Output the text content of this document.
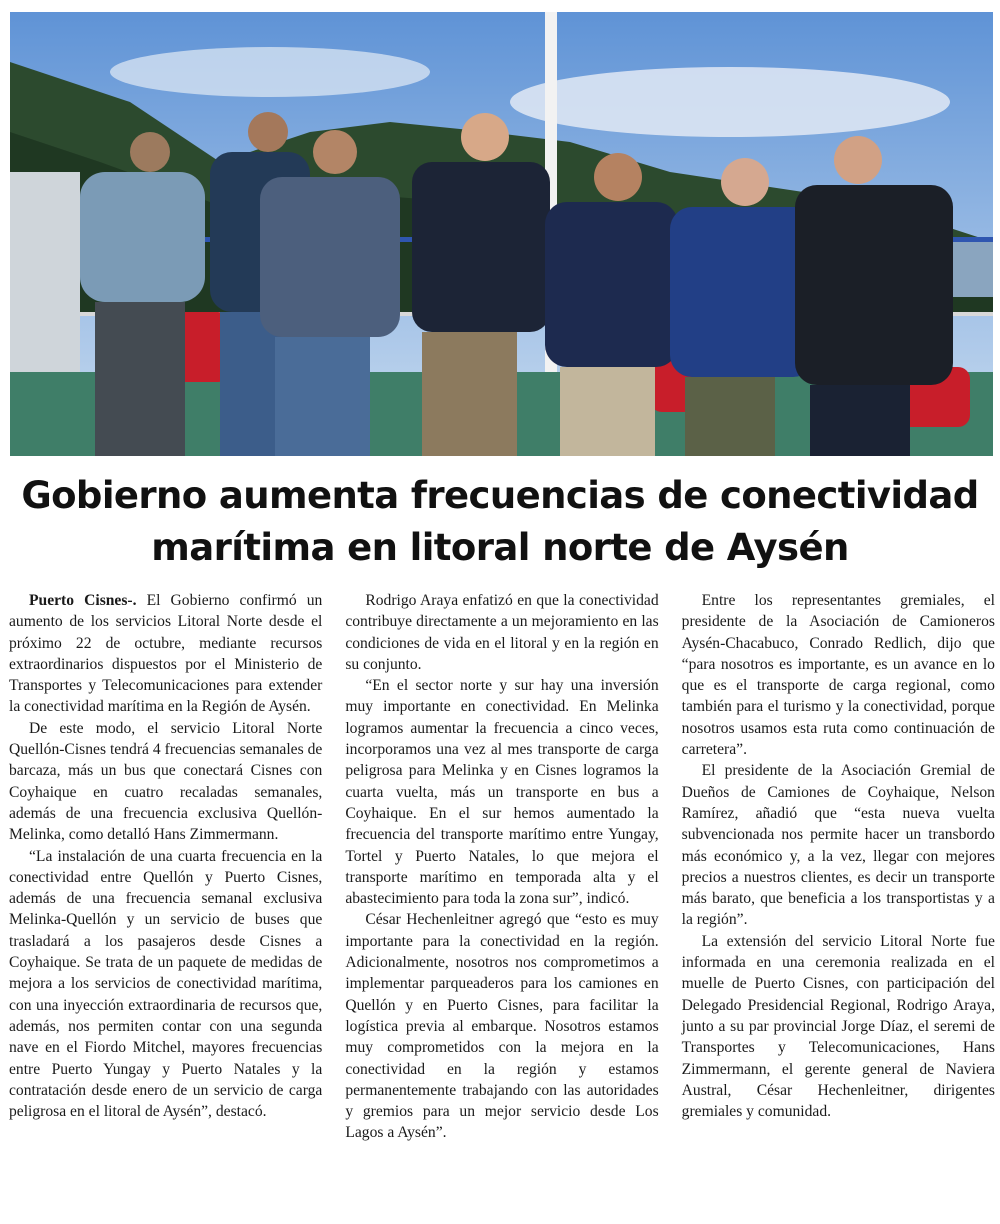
Gobierno aumenta frecuencias de conectividad
marítima en litoral norte de Aysén

Puerto Cisnes-. El Gobierno confirmó un aumento de los servicios Litoral Norte desde el próximo 22 de octubre, mediante recursos extraordinarios dispuestos por el Ministerio de Transportes y Telecomunicaciones para extender la conectividad marítima en la Región de Aysén.

De este modo, el servicio Litoral Norte Quellón-Cisnes tendrá 4 frecuencias semanales de barcaza, más un bus que conectará Cisnes con Coyhaique en cuatro recaladas semanales, además de una frecuencia exclusiva Quellón-Melinka, como detalló Hans Zimmermann.

“La instalación de una cuarta frecuencia en la conectividad entre Quellón y Puerto Cisnes, además de una frecuencia semanal exclusiva Melinka-Quellón y un servicio de buses que trasladará a los pasajeros desde Cisnes a Coyhaique. Se trata de un paquete de medidas de mejora a los servicios de conectividad marítima, con una inyección extraordinaria de recursos que, además, nos permiten contar con una segunda nave en el Fiordo Mitchel, mayores frecuencias entre Puerto Yungay y Puerto Natales y la contratación desde enero de un servicio de carga peligrosa en el litoral de Aysén”, destacó.

Rodrigo Araya enfatizó en que la conectividad contribuye directamente a un mejoramiento en las condiciones de vida en el litoral y en la región en su conjunto.

“En el sector norte y sur hay una inversión muy importante en conectividad. En Melinka logramos aumentar la frecuencia a cinco veces, incorporamos una vez al mes transporte de carga peligrosa para Melinka y en Cisnes logramos la cuarta vuelta, más un transporte en bus a Coyhaique. En el sur hemos aumentado la frecuencia del transporte marítimo entre Yungay, Tortel y Puerto Natales, lo que mejora el transporte marítimo en temporada alta y el abastecimiento para toda la zona sur”, indicó.

César Hechenleitner agregó que “esto es muy importante para la conectividad en la región. Adicionalmente, nosotros nos comprometimos a implementar parqueaderos para los camiones en Quellón y en Puerto Cisnes, para facilitar la logística previa al embarque. Nosotros estamos muy comprometidos con la mejora en la conectividad en la región y estamos permanentemente trabajando con las autoridades y gremios para un mejor servicio desde Los Lagos a Aysén”.

Entre los representantes gremiales, el presidente de la Asociación de Camioneros Aysén-Chacabuco, Conrado Redlich, dijo que “para nosotros es importante, es un avance en lo que es el transporte de carga regional, como también para el turismo y la conectividad, porque nosotros usamos esta ruta como continuación de carretera”.

El presidente de la Asociación Gremial de Dueños de Camiones de Coyhaique, Nelson Ramírez, añadió que “esta nueva vuelta subvencionada nos permite hacer un transbordo más económico y, a la vez, llegar con mejores precios a nuestros clientes, es decir un transporte más barato, que beneficia a los transportistas y a la región”.

La extensión del servicio Litoral Norte fue informada en una ceremonia realizada en el muelle de Puerto Cisnes, con participación del Delegado Presidencial Regional, Rodrigo Araya, junto a su par provincial Jorge Díaz, el seremi de Transportes y Telecomunicaciones, Hans Zimmermann, el gerente general de Naviera Austral, César Hechenleitner, dirigentes gremiales y comunidad.
